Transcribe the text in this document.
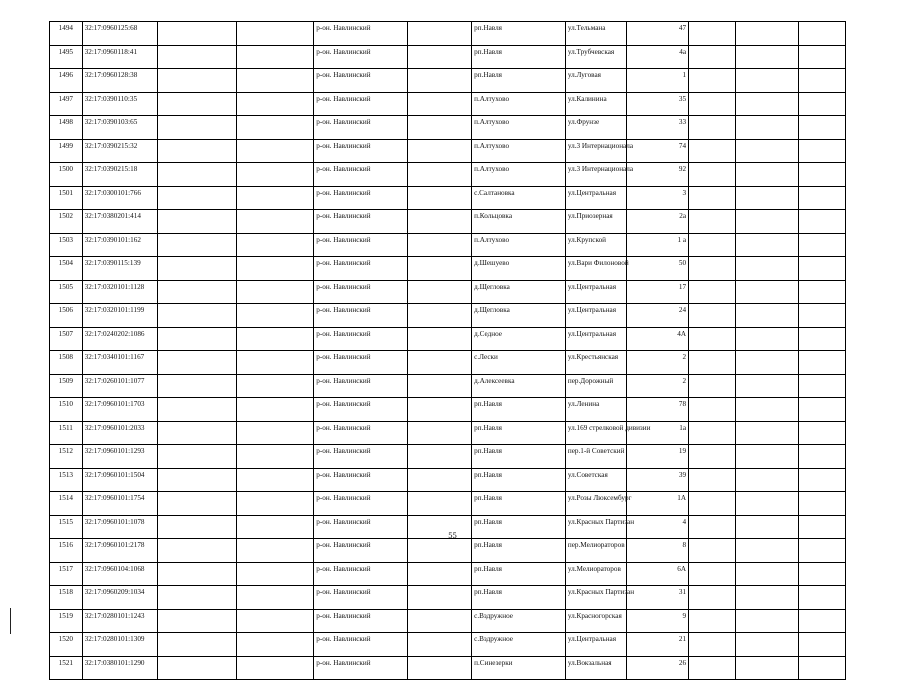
1494	32:17:0960125:68			р-он. Навлинский		рп.Навля	ул.Тельмана	47			
1495	32:17:0960118:41			р-он. Навлинский		рп.Навля	ул.Трубчевская	4а			
1496	32:17:0960128:38			р-он. Навлинский		рп.Навля	ул.Луговая	1			
1497	32:17:0390110:35			р-он. Навлинский		п.Алтухово	ул.Калинина	35			
1498	32:17:0390103:65			р-он. Навлинский		п.Алтухово	ул.Фрунзе	33			
1499	32:17:0390215:32			р-он. Навлинский		п.Алтухово	ул.3 Интернационала	74			
1500	32:17:0390215:18			р-он. Навлинский		п.Алтухово	ул.3 Интернационала	92			
1501	32:17:0300101:766			р-он. Навлинский		с.Салтановка	ул.Центральная	3			
1502	32:17:0380201:414			р-он. Навлинский		п.Кольцовка	ул.Приозерная	2а			
1503	32:17:0390101:162			р-он. Навлинский		п.Алтухово	ул.Крупской	1 а			
1504	32:17:0390115:139			р-он. Навлинский		д.Шешуево	ул.Вари Филоновой	50			
1505	32:17:0320101:1128			р-он. Навлинский		д.Щегловка	ул.Центральная	17			
1506	32:17:0320101:1199			р-он. Навлинский		д.Щегловка	ул.Центральная	24			
1507	32:17:0240202:1086			р-он. Навлинский		д.Седное	ул.Центральная	4А			
1508	32:17:0340101:1167			р-он. Навлинский		с.Лески	ул.Крестьянская	2			
1509	32:17:0260101:1077			р-он. Навлинский		д.Алексеевка	пер.Дорожный	2			
1510	32:17:0960101:1703			р-он. Навлинский		рп.Навля	ул.Ленина	78			
1511	32:17:0960101:2033			р-он. Навлинский		рп.Навля	ул.169 стрелковой дивизии	1а			
1512	32:17:0960101:1293			р-он. Навлинский		рп.Навля	пер.1-й Советский	19			
1513	32:17:0960101:1504			р-он. Навлинский		рп.Навля	ул.Советская	39			
1514	32:17:0960101:1754			р-он. Навлинский		рп.Навля	ул.Розы Люксембург	1А			
1515	32:17:0960101:1078			р-он. Навлинский		рп.Навля	ул.Красных Партизан	4			
1516	32:17:0960101:2178			р-он. Навлинский		рп.Навля	пер.Мелиораторов	8			
1517	32:17:0960104:1068			р-он. Навлинский		рп.Навля	ул.Мелиораторов	6А			
1518	32:17:0960209:1034			р-он. Навлинский		рп.Навля	ул.Красных Партизан	31			
1519	32:17:0280101:1243			р-он. Навлинский		с.Вздружное	ул.Красногорская	9			
1520	32:17:0280101:1309			р-он. Навлинский		с.Вздружное	ул.Центральная	21			
1521	32:17:0380101:1290			р-он. Навлинский		п.Синезерки	ул.Вокзальная	26			
55
